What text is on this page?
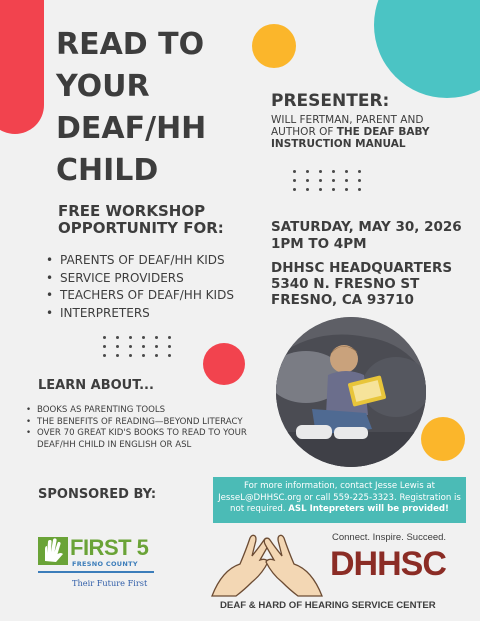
READ TO
YOUR
DEAF/HH
CHILD
PRESENTER:
WILL FERTMAN, PARENT AND AUTHOR OF THE DEAF BABY INSTRUCTION MANUAL
FREE WORKSHOP
OPPORTUNITY FOR:
• PARENTS OF DEAF/HH KIDS
• SERVICE PROVIDERS
• TEACHERS OF DEAF/HH KIDS
• INTERPRETERS
SATURDAY, MAY 30, 2026
1PM TO 4PM
DHHSC HEADQUARTERS
5340 N. FRESNO ST
FRESNO, CA 93710
LEARN ABOUT...
• BOOKS AS PARENTING TOOLS
• THE BENEFITS OF READING—BEYOND LITERACY
• OVER 70 GREAT KID'S BOOKS TO READ TO YOUR DEAF/HH CHILD IN ENGLISH OR ASL
SPONSORED BY:
For more information, contact Jesse Lewis at JesseL@DHHSC.org or call 559-225-3323. Registration is not required. ASL Intepreters will be provided!
FIRST 5
FRESNO COUNTY
Their Future First
Connect. Inspire. Succeed.
DHHSC
DEAF & HARD OF HEARING SERVICE CENTER
